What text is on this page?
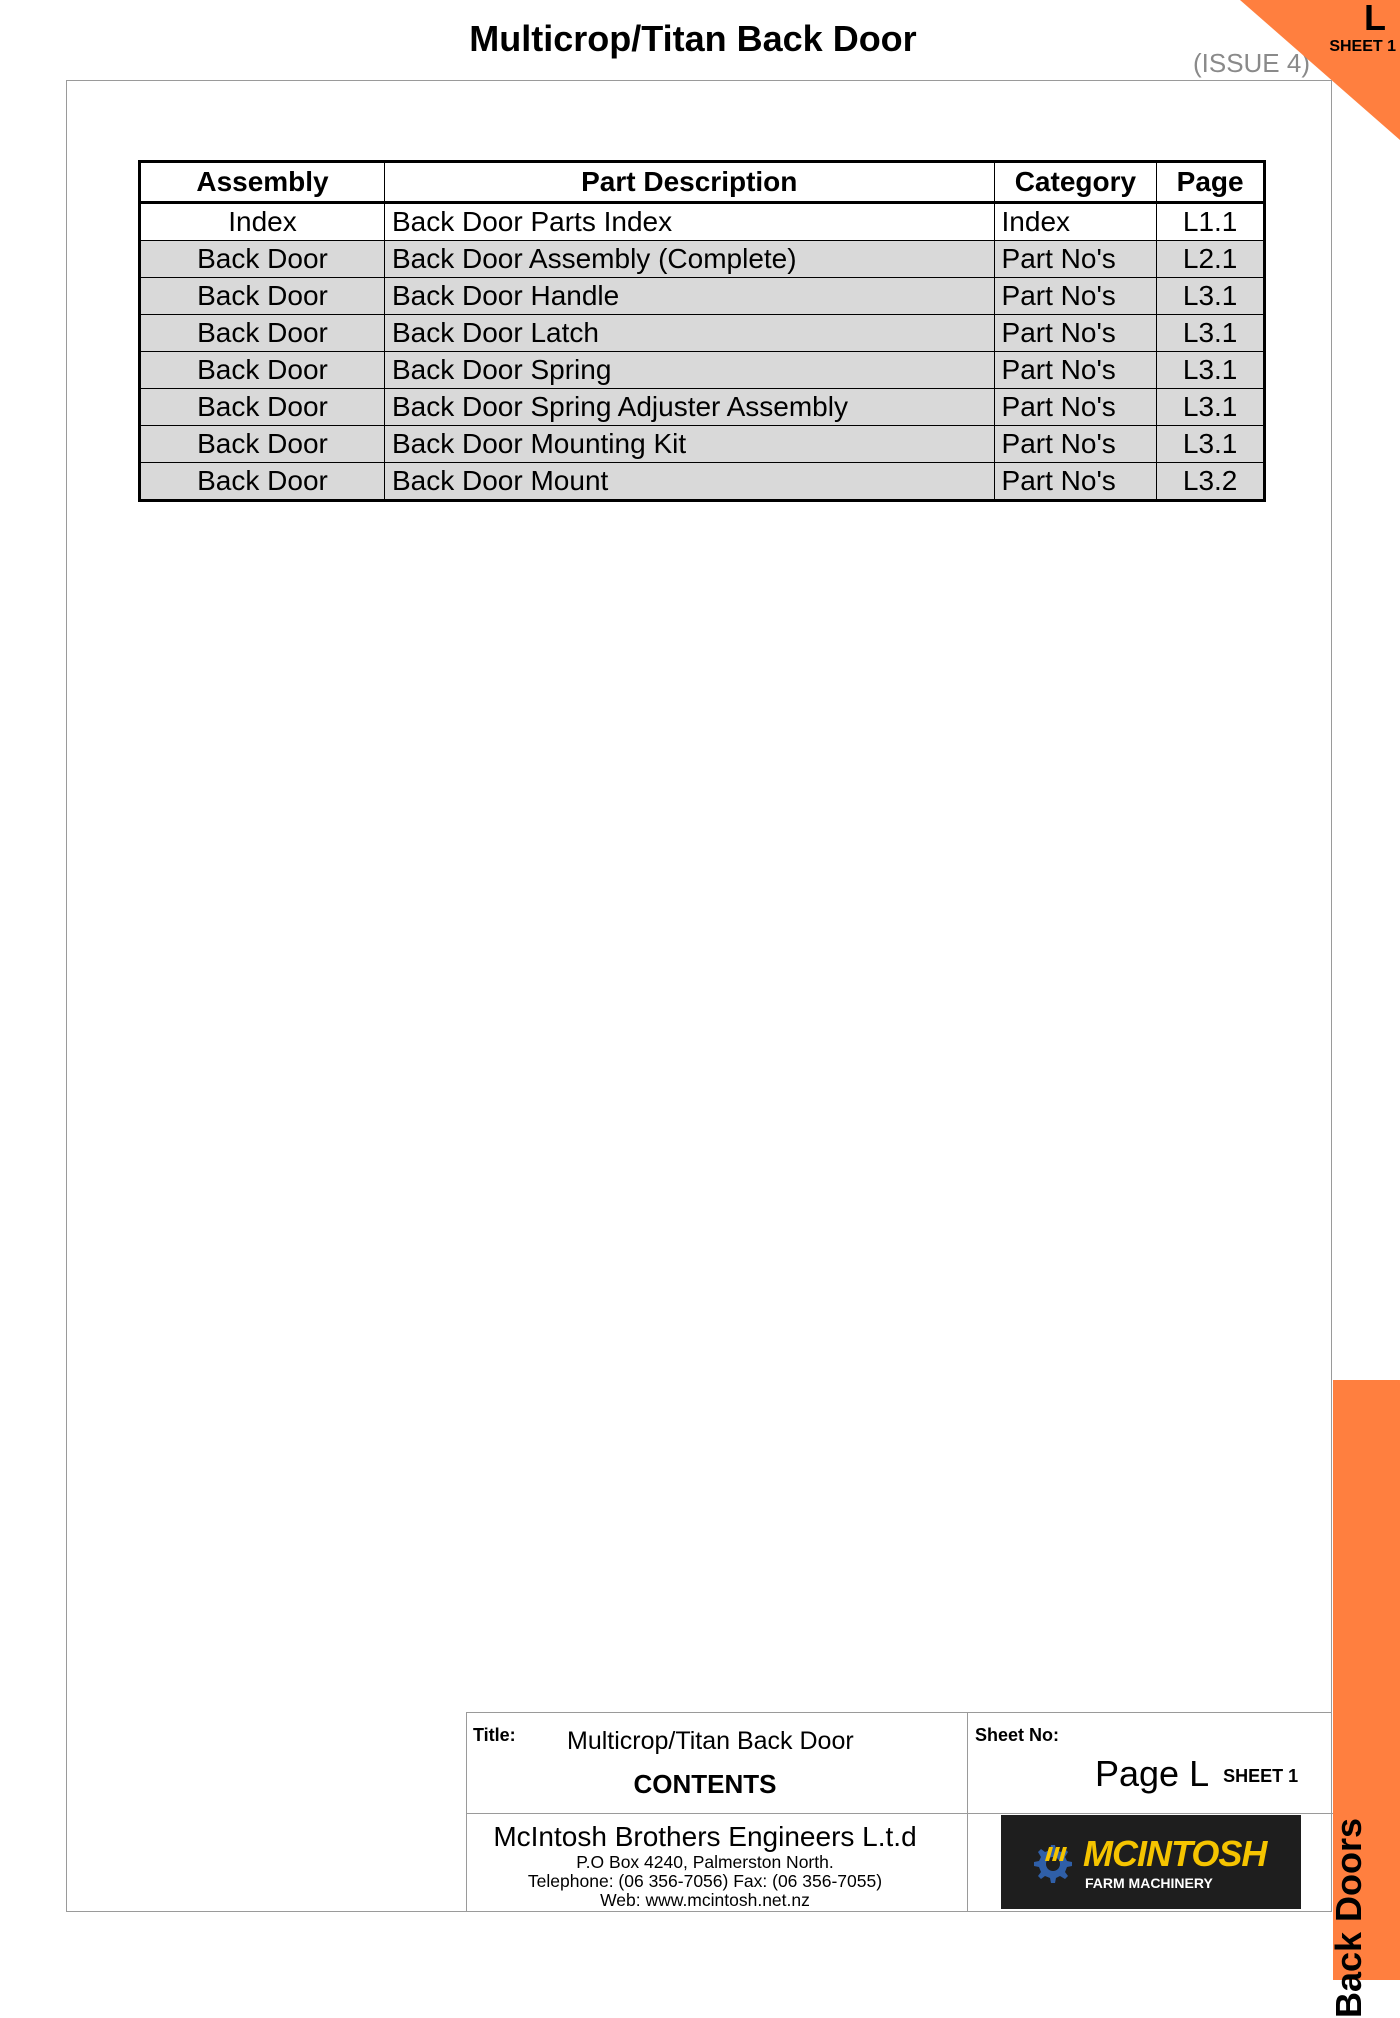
Multicrop/Titan Back Door
(ISSUE 4)
L
SHEET 1
Back Doors
Assembly	Part Description	Category	Page
Index	Back Door Parts Index	Index	L1.1
Back Door	Back Door Assembly (Complete)	Part No's	L2.1
Back Door	Back Door Handle	Part No's	L3.1
Back Door	Back Door Latch	Part No's	L3.1
Back Door	Back Door Spring	Part No's	L3.1
Back Door	Back Door Spring Adjuster Assembly	Part No's	L3.1
Back Door	Back Door Mounting Kit	Part No's	L3.1
Back Door	Back Door Mount	Part No's	L3.2
Title: Multicrop/Titan Back Door
CONTENTS
Sheet No:
Page L SHEET 1
McIntosh Brothers Engineers L.t.d
P.O Box 4240, Palmerston North.
Telephone: (06 356-7056) Fax: (06 356-7055)
Web: www.mcintosh.net.nz
MCINTOSH
FARM MACHINERY
